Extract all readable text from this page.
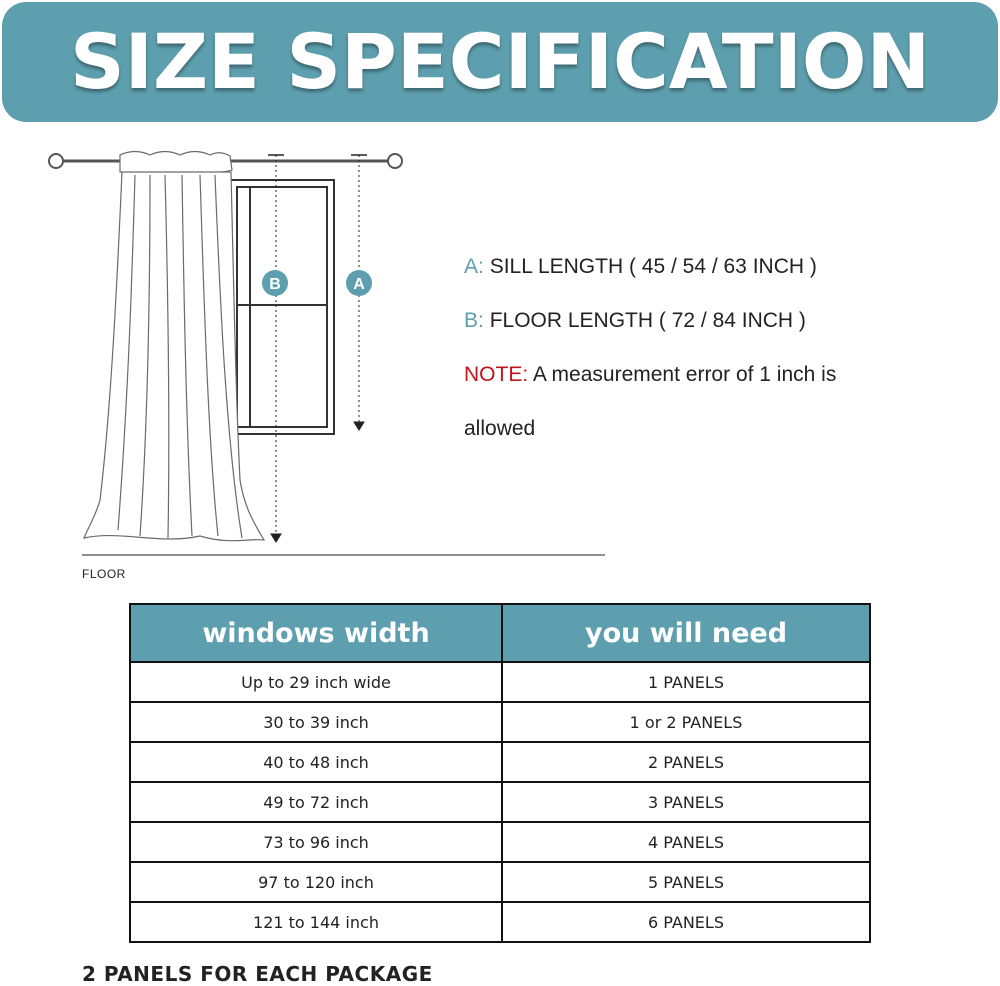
SIZE SPECIFICATION
B	A
FLOOR
A: SILL LENGTH ( 45 / 54 / 63 INCH )
B: FLOOR LENGTH ( 72 / 84 INCH )
NOTE: A measurement error of 1 inch is
allowed
windows width	you will need
Up to 29 inch wide	1 PANELS
30 to 39 inch	1 or 2 PANELS
40 to 48 inch	2 PANELS
49 to 72 inch	3 PANELS
73 to 96 inch	4 PANELS
97 to 120 inch	5 PANELS
121 to 144 inch	6 PANELS
2 PANELS FOR EACH PACKAGE
